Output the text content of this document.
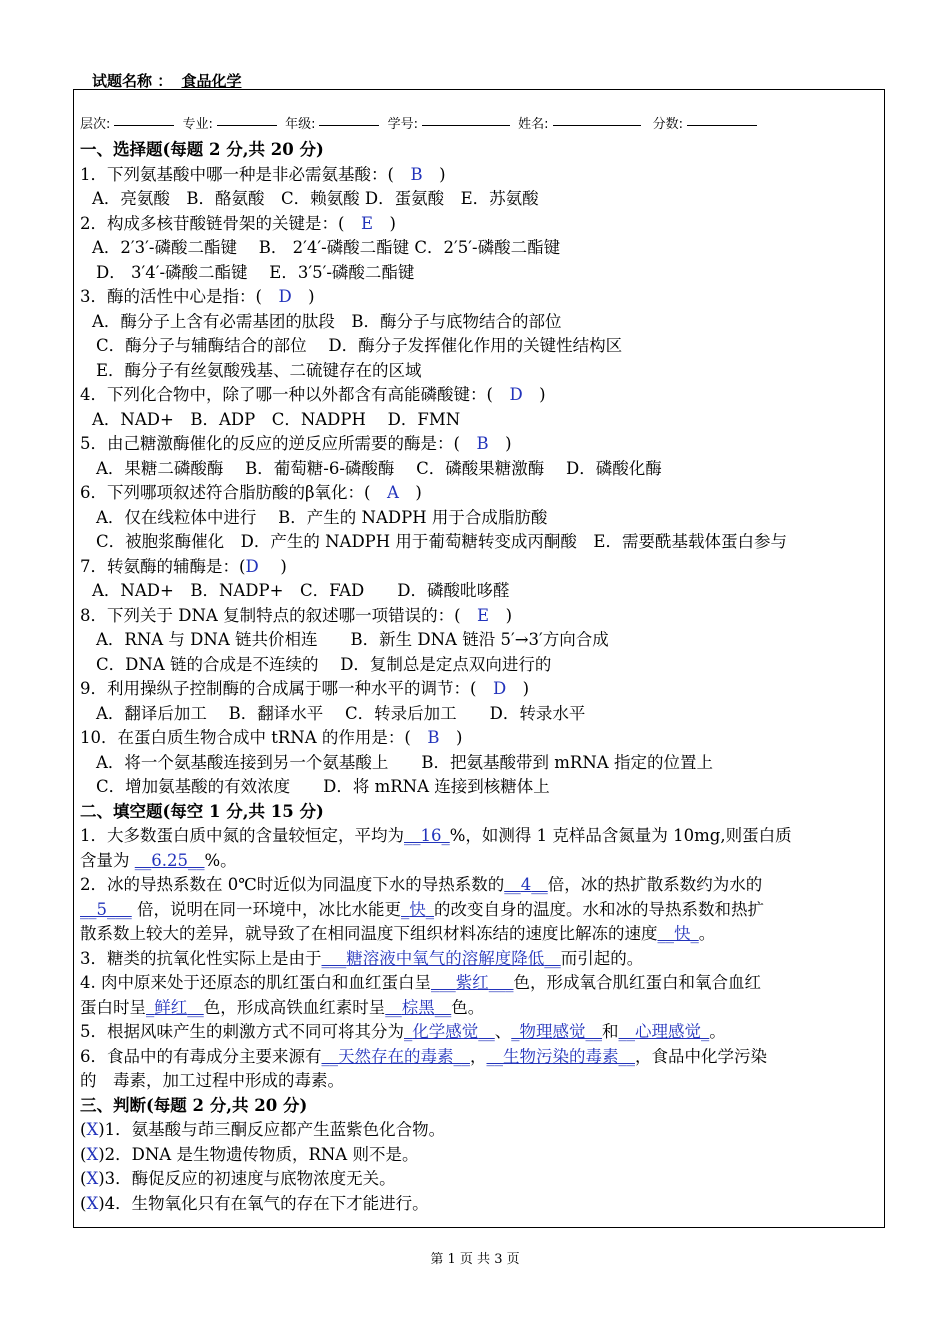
试题名称 ： 食品化学
层次:	专业:	年级:	学号:	姓名:	分数:
一、选择题(每题 2 分,共 20 分)
1．下列氨基酸中哪一种是非必需氨基酸：(　 B　 )
A．亮氨酸　B．酪氨酸　C．赖氨酸 D．蛋氨酸　E．苏氨酸
2．构成多核苷酸链骨架的关键是：(　 E　 )
A．2′3′-磷酸二酯键　 B． 2′4′-磷酸二酯键 C．2′5′-磷酸二酯键
D． 3′4′-磷酸二酯键　 E．3′5′-磷酸二酯键
3．酶的活性中心是指：(　 D　 )
A．酶分子上含有必需基团的肽段　B．酶分子与底物结合的部位
C．酶分子与辅酶结合的部位　 D．酶分子发挥催化作用的关键性结构区
E．酶分子有丝氨酸残基、二硫键存在的区域
4．下列化合物中，除了哪一种以外都含有高能磷酸键：(　 D　 )
A．NAD+　B．ADP　C．NADPH　 D．FMN
5．由己糖激酶催化的反应的逆反应所需要的酶是：(　 B　 )
A．果糖二磷酸酶　 B．葡萄糖-6-磷酸酶　 C．磷酸果糖激酶　 D．磷酸化酶
6．下列哪项叙述符合脂肪酸的β氧化：(　 A　 )
A．仅在线粒体中进行　 B．产生的 NADPH 用于合成脂肪酸
C．被胞浆酶催化　D．产生的 NADPH 用于葡萄糖转变成丙酮酸　E．需要酰基载体蛋白参与
7．转氨酶的辅酶是：(D　 )
A．NAD+　B．NADP+　C．FAD　　D．磷酸吡哆醛
8．下列关于 DNA 复制特点的叙述哪一项错误的：(　 E　 )
A．RNA 与 DNA 链共价相连　　B．新生 DNA 链沿 5′→3′方向合成
C．DNA 链的合成是不连续的　 D．复制总是定点双向进行的
9．利用操纵子控制酶的合成属于哪一种水平的调节：(　 D　 )
A．翻译后加工　 B．翻译水平　 C．转录后加工　　D．转录水平
10．在蛋白质生物合成中 tRNA 的作用是：(　 B　 )
A．将一个氨基酸连接到另一个氨基酸上　　B．把氨基酸带到 mRNA 指定的位置上
C．增加氨基酸的有效浓度　　D．将 mRNA 连接到核糖体上
二、填空题(每空 1 分,共 15 分)
1．大多数蛋白质中氮的含量较恒定，平均为__16_%，如测得 1 克样品含氮量为 10mg,则蛋白质
含量为 __6.25__%。
2．冰的导热系数在 0℃时近似为同温度下水的导热系数的__4__倍，冰的热扩散系数约为水的
__5___ 倍，说明在同一环境中，冰比水能更_快_的改变自身的温度。水和冰的导热系数和热扩
散系数上较大的差异，就导致了在相同温度下组织材料冻结的速度比解冻的速度__快_。
3．糖类的抗氧化性实际上是由于___糖溶液中氧气的溶解度降低__而引起的。
4. 肉中原来处于还原态的肌红蛋白和血红蛋白呈___紫红___色，形成氧合肌红蛋白和氧合血红
蛋白时呈_鲜红__色，形成高铁血红素时呈__棕黑__色。
5．根据风味产生的刺激方式不同可将其分为_化学感觉__、_物理感觉__和__心理感觉_。
6．食品中的有毒成分主要来源有__天然存在的毒素__，__生物污染的毒素__，食品中化学污染
的　毒素，加工过程中形成的毒素。
三、判断(每题 2 分,共 20 分)
(X)1．氨基酸与茚三酮反应都产生蓝紫色化合物。
(X)2．DNA 是生物遗传物质，RNA 则不是。
(X)3．酶促反应的初速度与底物浓度无关。
(X)4．生物氧化只有在氧气的存在下才能进行。
第 1 页 共 3 页
